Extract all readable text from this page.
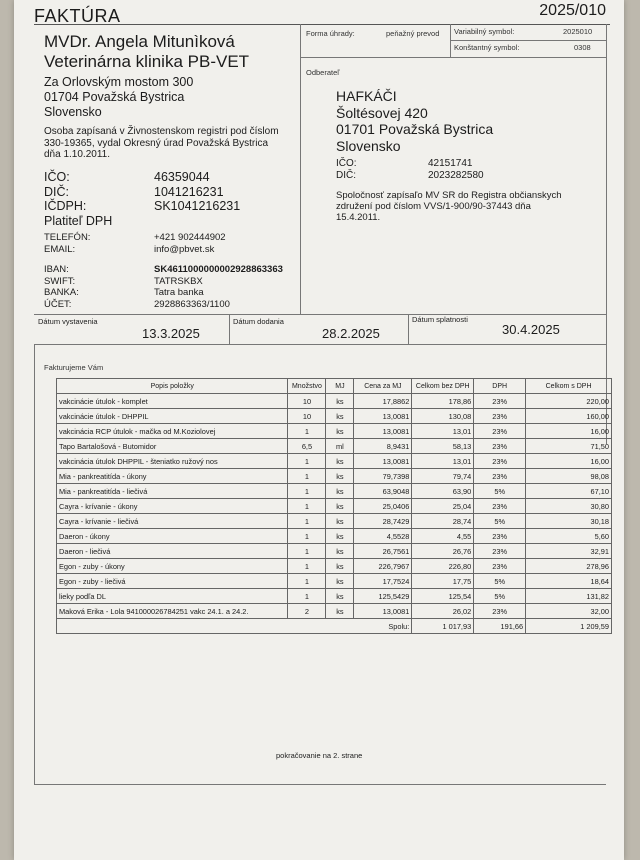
FAKTÚRA	2025/010
Forma úhrady:	peňažný prevod Variabilný symbol:	2025010
Konštantný symbol:	0308
MVDr. Angela Mitunìková
Veterinárna klinika PB-VET
Za Orlovským mostom 300
01704 Považská Bystrica
Slovensko
Osoba zapísaná v Živnostenskom registri pod číslom
330-19365, vydal Okresný úrad Považská Bystrica
dňa 1.10.2011.
IČO:	46359044
DIČ:	1041216231
IČDPH:	SK1041216231
Platiteľ DPH
TELEFÓN:	+421 902444902
EMAIL:	info@pbvet.sk
IBAN:	SK4611000000002928863363
SWIFT:	TATRSKBX
BANKA:	Tatra banka
ÚČET:	2928863363/1100
Odberateľ
HAFKÁČI
Šoltésovej 420
01701 Považská Bystrica
Slovensko
IČO:	42151741
DIČ:	2023282580
Spoločnosť zapísaľo MV SR do Registra občianskych
združení pod číslom VVS/1-900/90-37443 dňa
15.4.2011.
Dátum vystavenia
13.3.2025
Dátum dodania
28.2.2025
Dátum splatnosti
30.4.2025
Fakturujeme Vám
Popis položky	Množstvo	MJ	Cena za MJ	Celkom bez DPH	DPH	Celkom s DPH
vakcinácie útulok - komplet	10	ks	17,8862	178,86	23%	220,00
vakcinácie útulok - DHPPIL	10	ks	13,0081	130,08	23%	160,00
vakcinácia RCP útulok - mačka od M.Koziolovej	1	ks	13,0081	13,01	23%	16,00
Tapo Bartalošová - Butomidor	6,5	ml	8,9431	58,13	23%	71,50
vakcinácia útulok DHPPIL - šteniatko ružový nos	1	ks	13,0081	13,01	23%	16,00
Mia - pankreatitída - úkony	1	ks	79,7398	79,74	23%	98,08
Mia - pankreatitída - liečivá	1	ks	63,9048	63,90	5%	67,10
Cayra - krívanie - úkony	1	ks	25,0406	25,04	23%	30,80
Cayra - krívanie - liečivá	1	ks	28,7429	28,74	5%	30,18
Daeron - úkony	1	ks	4,5528	4,55	23%	5,60
Daeron - liečivá	1	ks	26,7561	26,76	23%	32,91
Egon - zuby - úkony	1	ks	226,7967	226,80	23%	278,96
Egon - zuby - liečivá	1	ks	17,7524	17,75	5%	18,64
lieky podľa DL	1	ks	125,5429	125,54	5%	131,82
Maková Erika - Lola 941000026784251 vakc 24.1. a 24.2.	2	ks	13,0081	26,02	23%	32,00
Spolu:				1 017,93	191,66	1 209,59
pokračovanie na 2. strane
